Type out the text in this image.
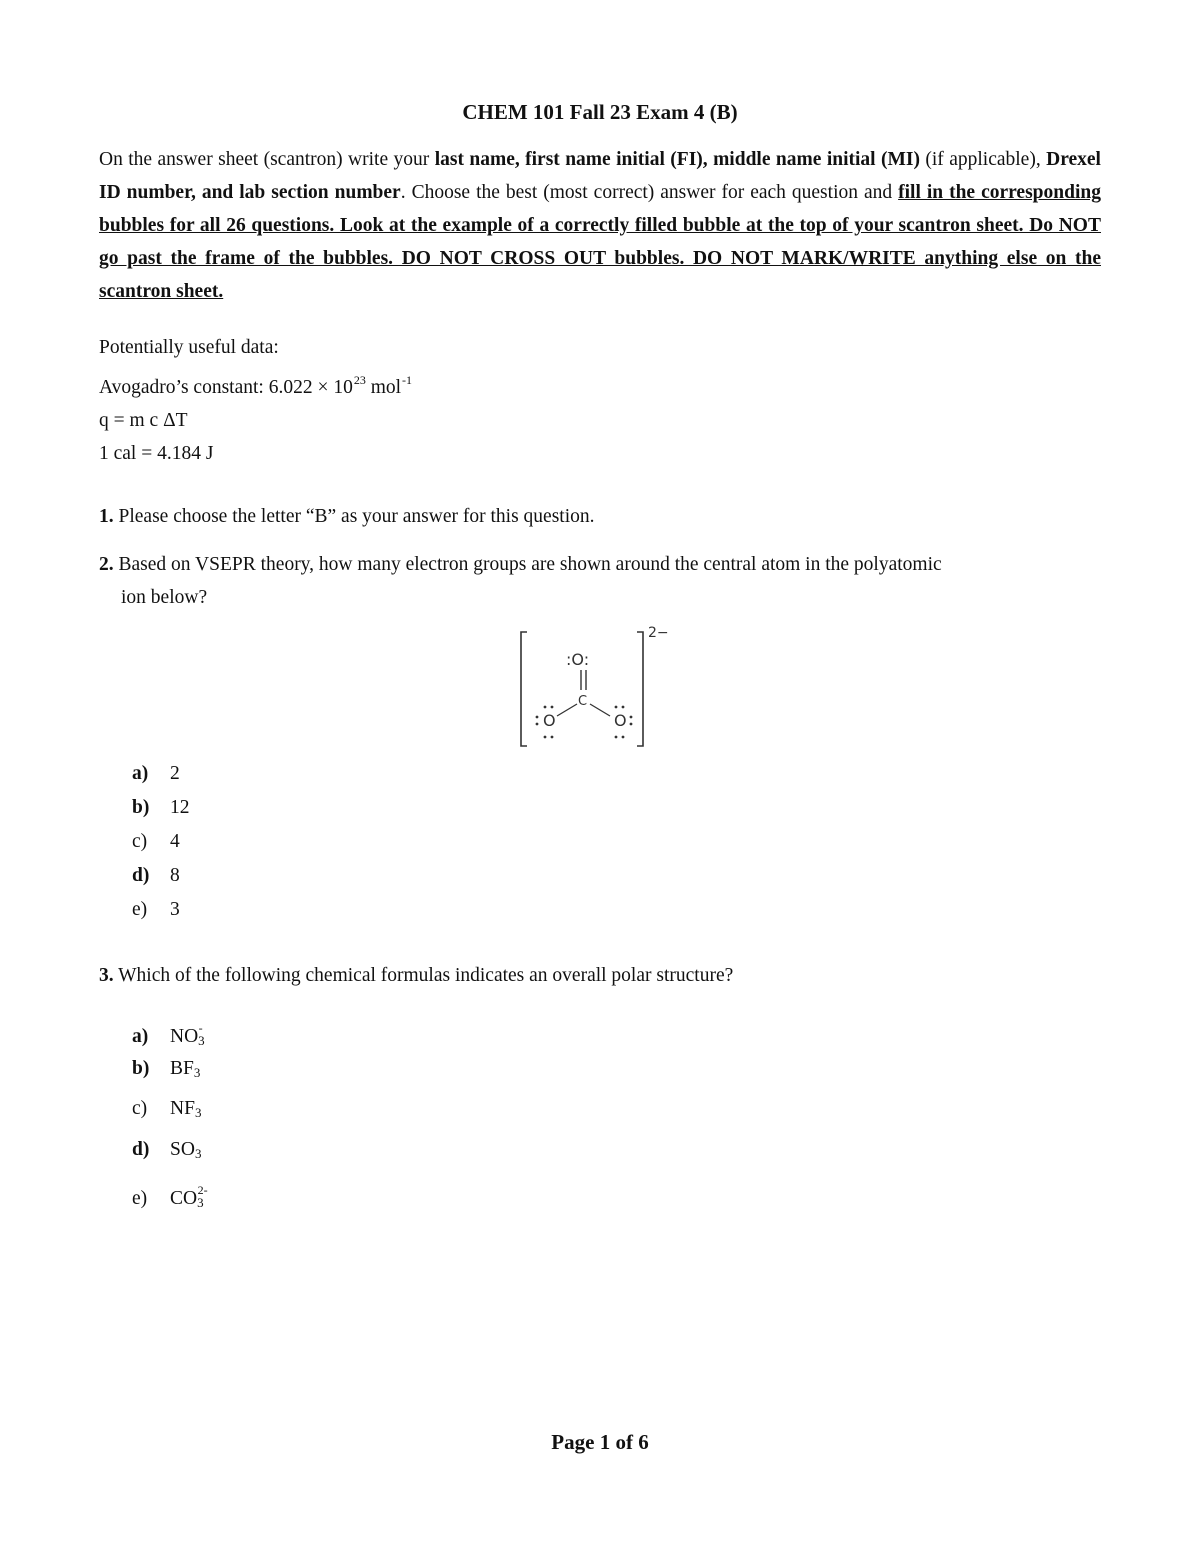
CHEM 101 Fall 23 Exam 4 (B)
On the answer sheet (scantron) write your last name, first name initial (FI), middle name initial (MI) (if applicable), Drexel ID number, and lab section number. Choose the best (most correct) answer for each question and fill in the corresponding bubbles for all 26 questions. Look at the example of a correctly filled bubble at the top of your scantron sheet. Do NOT go past the frame of the bubbles. DO NOT CROSS OUT bubbles. DO NOT MARK/WRITE anything else on the scantron sheet.
Potentially useful data:
Avogadro’s constant: $6.022 \times 10^{23}$ mol$^{-1}$
q = m c ΔT
1 cal = 4.184 J
1. Please choose the letter “B” as your answer for this question.
2. Based on VSEPR theory, how many electron groups are shown around the central atom in the polyatomic
ion below?
2−
:O:
C
O	O
a) 2
b) 12
c) 4
d) 8
e) 3
3. Which of the following chemical formulas indicates an overall polar structure?
a) $NO_3^-$
b) $BF_3$
c) $NF_3$
d) $SO_3$
e) $CO_3^{2-}$
Page 1 of 6
